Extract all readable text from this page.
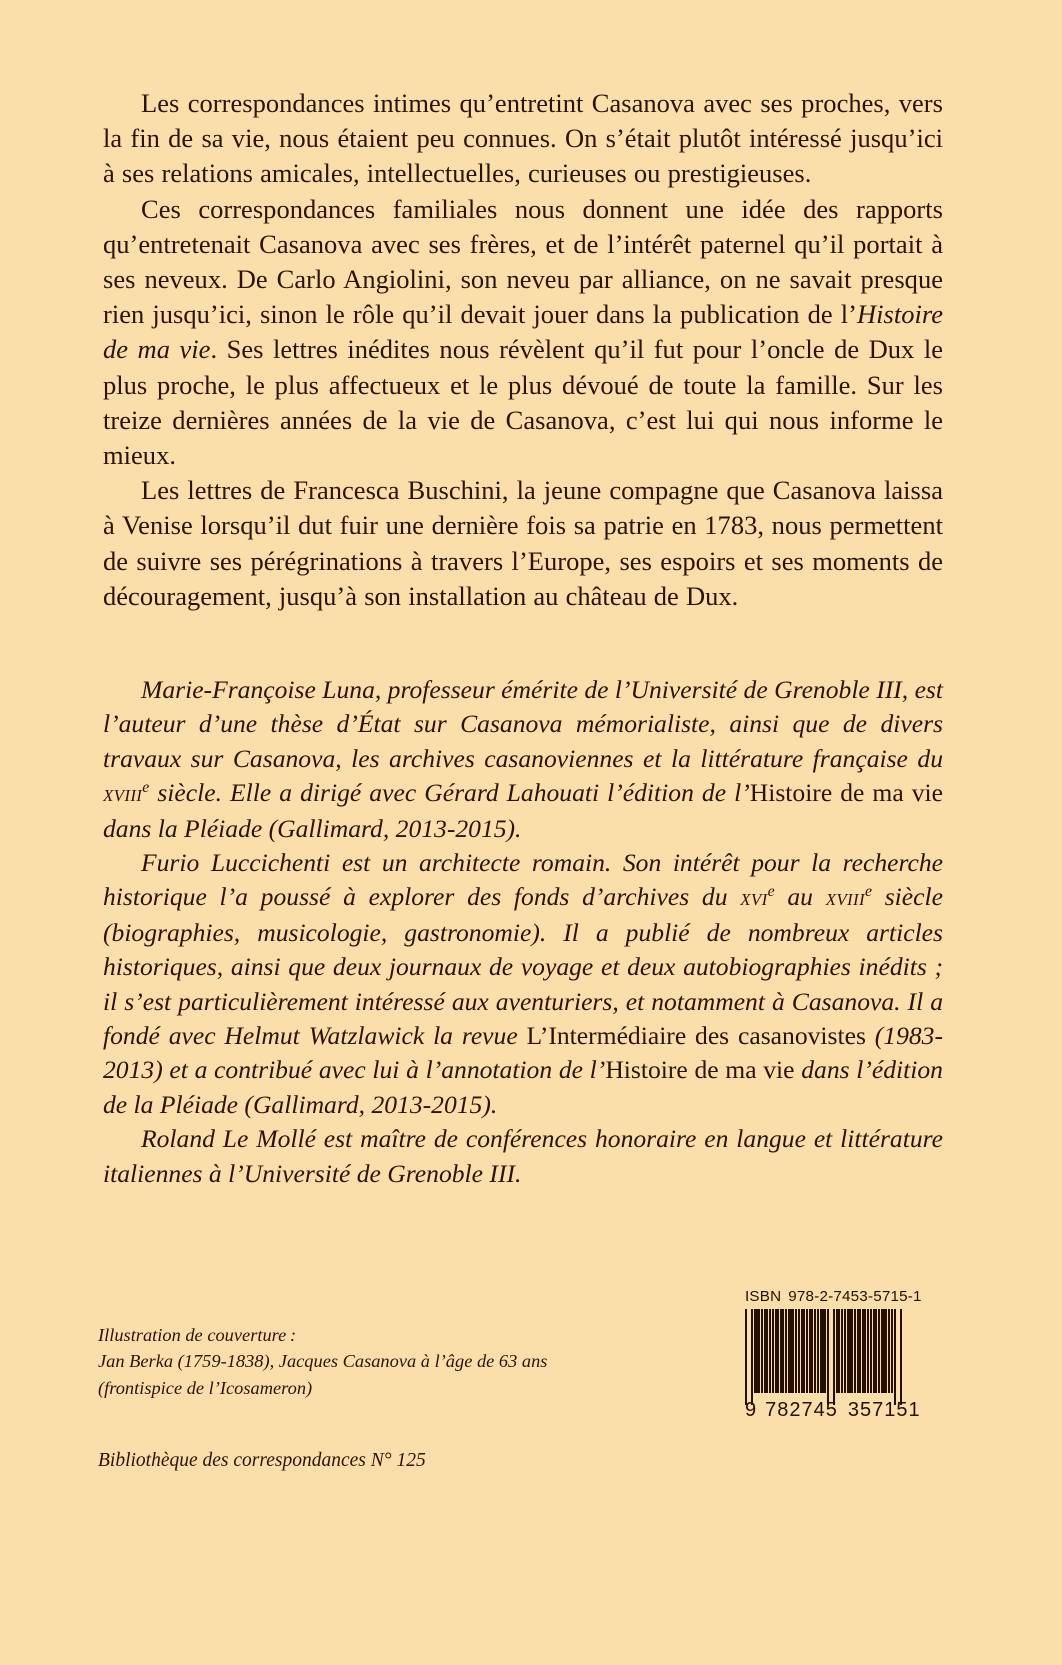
Les correspondances intimes qu’entretint Casanova avec ses proches, vers la fin de sa vie, nous étaient peu connues. On s’était plutôt intéressé jusqu’ici à ses relations amicales, intellectuelles, curieuses ou prestigieuses.

Ces correspondances familiales nous donnent une idée des rapports qu’entretenait Casanova avec ses frères, et de l’intérêt paternel qu’il portait à ses neveux. De Carlo Angiolini, son neveu par alliance, on ne savait presque rien jusqu’ici, sinon le rôle qu’il devait jouer dans la publication de l’Histoire de ma vie. Ses lettres inédites nous révèlent qu’il fut pour l’oncle de Dux le plus proche, le plus affectueux et le plus dévoué de toute la famille. Sur les treize dernières années de la vie de Casanova, c’est lui qui nous informe le mieux.

Les lettres de Francesca Buschini, la jeune compagne que Casanova laissa à Venise lorsqu’il dut fuir une dernière fois sa patrie en 1783, nous permettent de suivre ses pérégrinations à travers l’Europe, ses espoirs et ses moments de découragement, jusqu’à son installation au château de Dux.

Marie-Françoise Luna, professeur émérite de l’Université de Grenoble III, est l’auteur d’une thèse d’État sur Casanova mémorialiste, ainsi que de divers travaux sur Casanova, les archives casanoviennes et la littérature française du xviii$^e$ siècle. Elle a dirigé avec Gérard Lahouati l’édition de l’Histoire de ma vie dans la Pléiade (Gallimard, 2013-2015).

Furio Luccichenti est un architecte romain. Son intérêt pour la recherche historique l’a poussé à explorer des fonds d’archives du xvi$^e$ au xviii$^e$ siècle (biographies, musicologie, gastronomie). Il a publié de nombreux articles historiques, ainsi que deux journaux de voyage et deux autobiographies inédits ; il s’est particulièrement intéressé aux aventuriers, et notamment à Casanova. Il a fondé avec Helmut Watzlawick la revue L’Intermédiaire des casanovistes (1983-2013) et a contribué avec lui à l’annotation de l’Histoire de ma vie dans l’édition de la Pléiade (Gallimard, 2013-2015).

Roland Le Mollé est maître de conférences honoraire en langue et littérature italiennes à l’Université de Grenoble III.

Illustration de couverture :
Jan Berka (1759-1838), Jacques Casanova à l’âge de 63 ans
(frontispice de l’Icosameron)
Bibliothèque des correspondances N° 125
ISBN 978-2-7453-5715-1
9 782745 357151
